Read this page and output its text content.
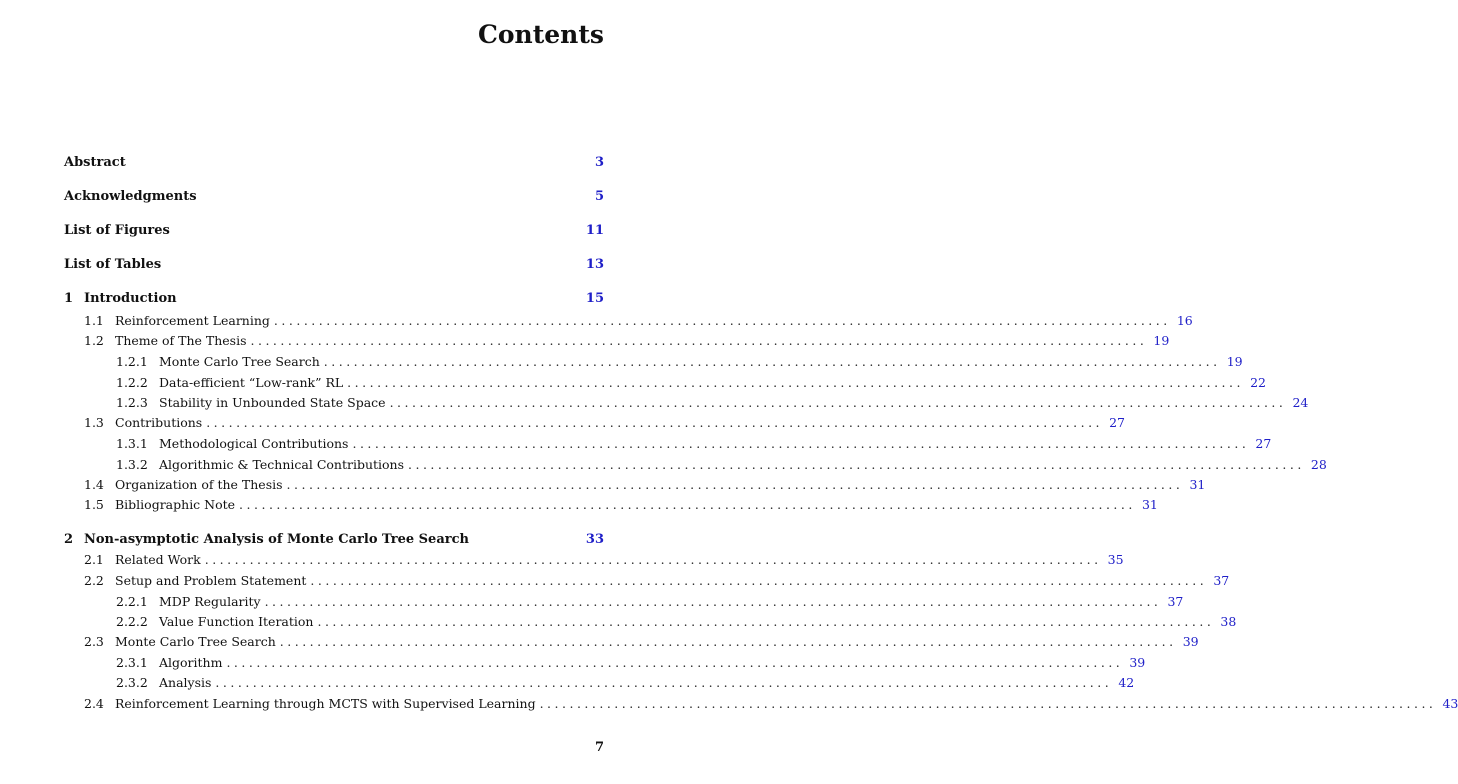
Contents
Abstract	3
Acknowledgments	5
List of Figures	11
List of Tables	13
1 Introduction	15
1.1 Reinforcement Learning ........................................................................................................................ 16
1.2 Theme of The Thesis ........................................................................................................................ 19
1.2.1 Monte Carlo Tree Search ........................................................................................................................ 19
1.2.2 Data-efficient “Low-rank” RL ........................................................................................................................ 22
1.2.3 Stability in Unbounded State Space ........................................................................................................................ 24
1.3 Contributions ........................................................................................................................ 27
1.3.1 Methodological Contributions ........................................................................................................................ 27
1.3.2 Algorithmic & Technical Contributions ........................................................................................................................ 28
1.4 Organization of the Thesis ........................................................................................................................ 31
1.5 Bibliographic Note ........................................................................................................................ 31
2 Non-asymptotic Analysis of Monte Carlo Tree Search	33
2.1 Related Work ........................................................................................................................ 35
2.2 Setup and Problem Statement ........................................................................................................................ 37
2.2.1 MDP Regularity ........................................................................................................................ 37
2.2.2 Value Function Iteration ........................................................................................................................ 38
2.3 Monte Carlo Tree Search ........................................................................................................................ 39
2.3.1 Algorithm ........................................................................................................................ 39
2.3.2 Analysis ........................................................................................................................ 42
2.4 Reinforcement Learning through MCTS with Supervised Learning ........................................................................................................................ 43
7
